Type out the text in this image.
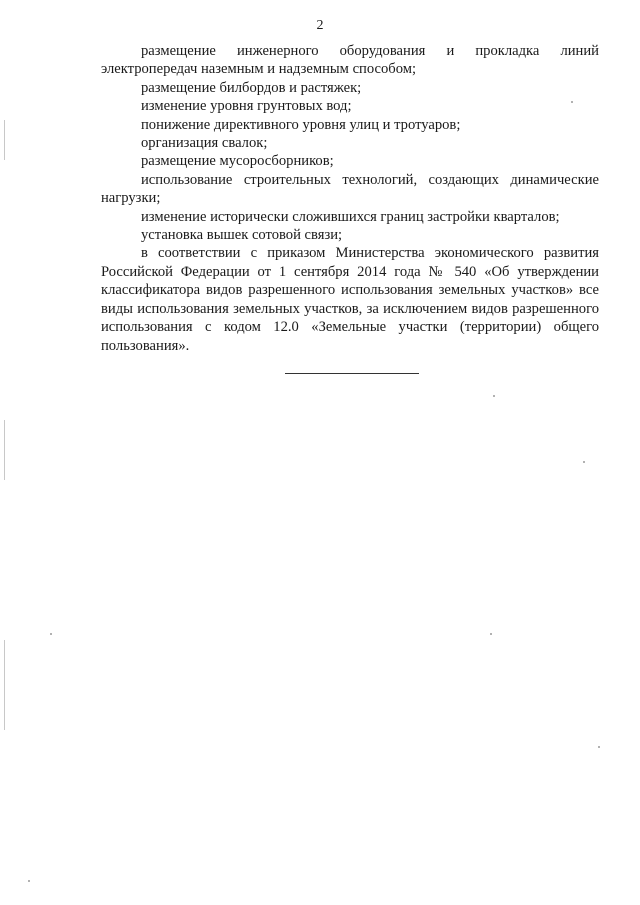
2

размещение инженерного оборудования и прокладка линий электропередач наземным и надземным способом;

размещение билбордов и растяжек;

изменение уровня грунтовых вод;

понижение директивного уровня улиц и тротуаров;

организация свалок;

размещение мусоросборников;

использование строительных технологий, создающих динамические нагрузки;

изменение исторически сложившихся границ застройки кварталов;

установка вышек сотовой связи;

в соответствии с приказом Министерства экономического развития Российской Федерации от 1 сентября 2014 года № 540 «Об утверждении классификатора видов разрешенного использования земельных участков» все виды использования земельных участков, за исключением видов разрешенного использования с кодом 12.0 «Земельные участки (территории) общего пользования».
